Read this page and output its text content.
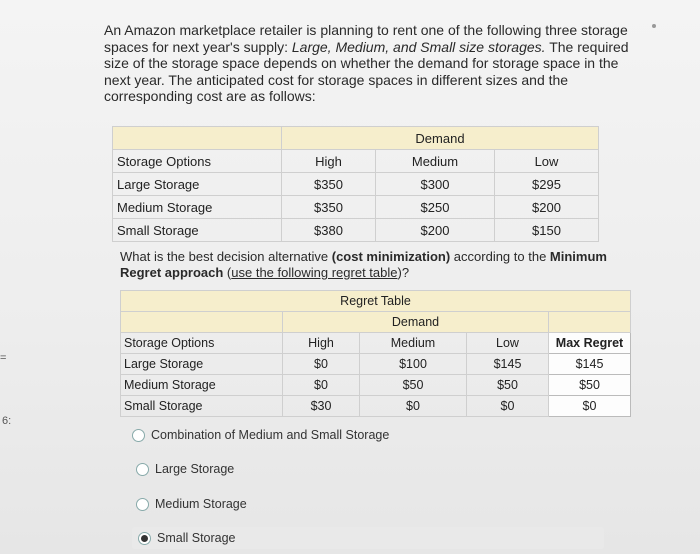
An Amazon marketplace retailer is planning to rent one of the following three storage spaces for next year's supply: Large, Medium, and Small size storages. The required size of the storage space depends on whether the demand for storage space in the next year. The anticipated cost for storage spaces in different sizes and the corresponding cost are as follows:
	Demand		
Storage Options	High	Medium	Low
Large Storage	$350	$300	$295
Medium Storage	$350	$250	$200
Small Storage	$380	$200	$150
What is the best decision alternative (cost minimization) according to the Minimum Regret approach (use the following regret table)?
Regret Table				
	Demand			
Storage Options	High	Medium	Low	Max Regret
Large Storage	$0	$100	$145	$145
Medium Storage	$0	$50	$50	$50
Small Storage	$30	$0	$0	$0
=
6:
Combination of Medium and Small Storage
Large Storage
Medium Storage
Small Storage
